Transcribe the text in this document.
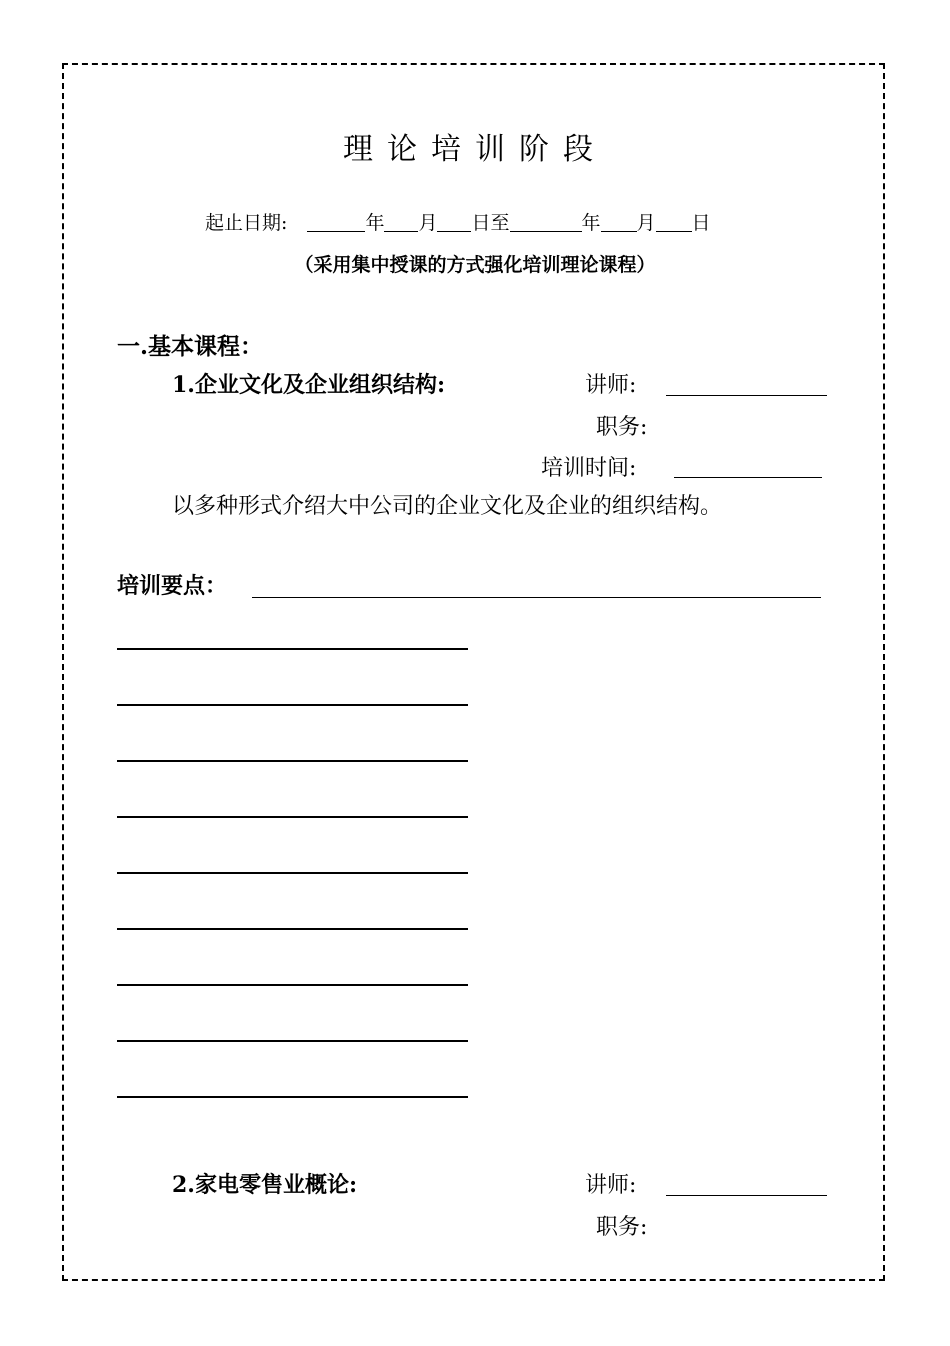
理论培训阶段
起止日期:	年 月 日至	年 月 日
（采用集中授课的方式强化培训理论课程）
一.基本课程：
1.企业文化及企业组织结构:	讲师:
职务:
培训时间:
以多种形式介绍大中公司的企业文化及企业的组织结构。
培训要点：
2.家电零售业概论:	讲师:
职务:
